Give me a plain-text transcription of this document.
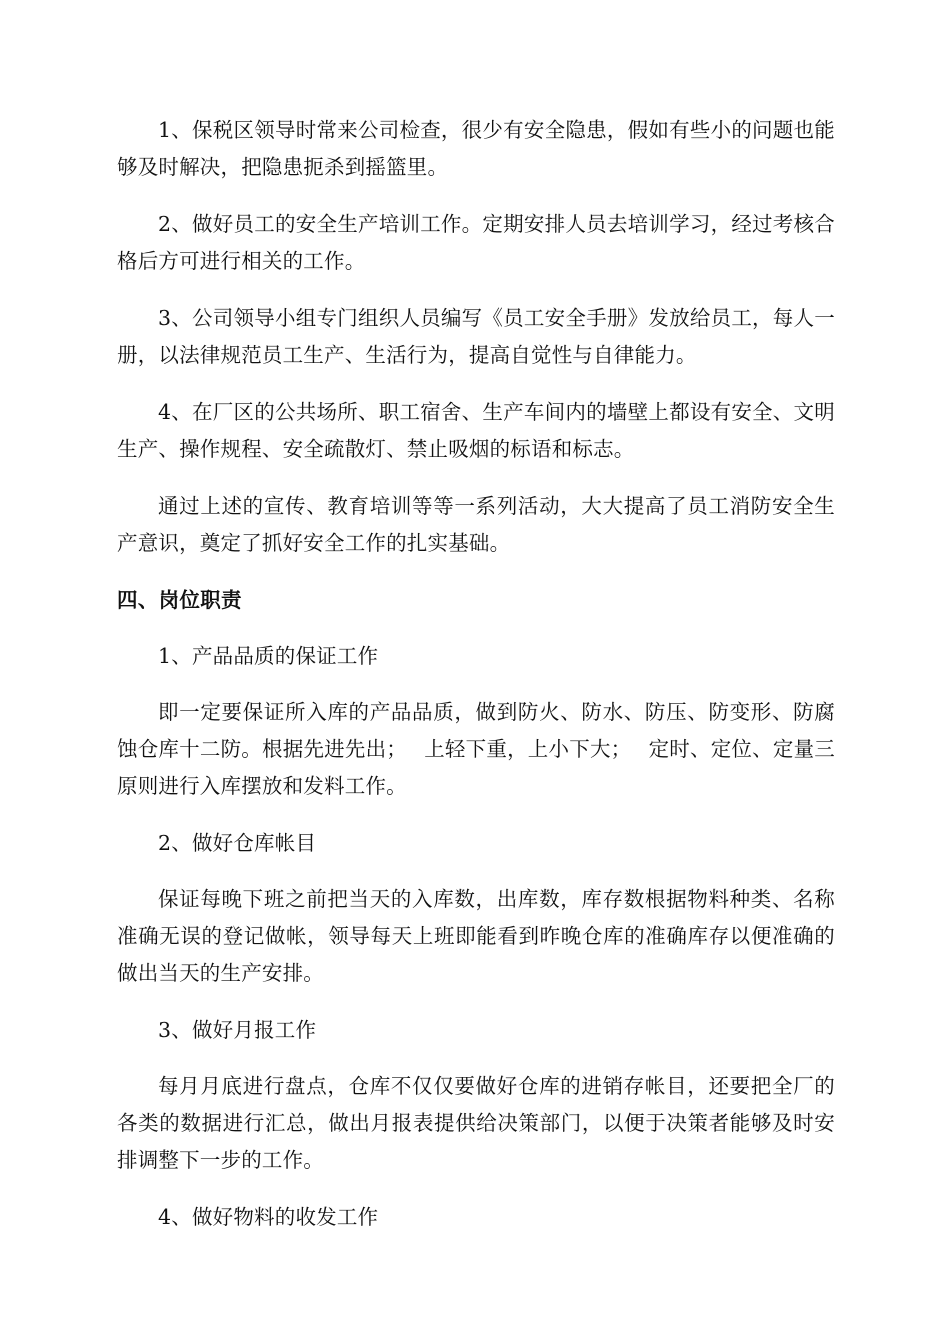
1、保税区领导时常来公司检查，很少有安全隐患，假如有些小的问题也能够及时解决，把隐患扼杀到摇篮里。

2、做好员工的安全生产培训工作。定期安排人员去培训学习，经过考核合格后方可进行相关的工作。

3、公司领导小组专门组织人员编写《员工安全手册》发放给员工，每人一册，以法律规范员工生产、生活行为，提高自觉性与自律能力。

4、在厂区的公共场所、职工宿舍、生产车间内的墙壁上都设有安全、文明生产、操作规程、安全疏散灯、禁止吸烟的标语和标志。

通过上述的宣传、教育培训等等一系列活动，大大提高了员工消防安全生产意识，奠定了抓好安全工作的扎实基础。

四、岗位职责

1、产品品质的保证工作

即一定要保证所入库的产品品质，做到防火、防水、防压、防变形、防腐蚀仓库十二防。根据先进先出；　 上轻下重，上小下大；　 定时、定位、定量三原则进行入库摆放和发料工作。

2、做好仓库帐目

保证每晚下班之前把当天的入库数，出库数，库存数根据物料种类、名称准确无误的登记做帐，领导每天上班即能看到昨晚仓库的准确库存以便准确的做出当天的生产安排。

3、做好月报工作

每月月底进行盘点，仓库不仅仅要做好仓库的进销存帐目，还要把全厂的各类的数据进行汇总，做出月报表提供给决策部门，以便于决策者能够及时安排调整下一步的工作。

4、做好物料的收发工作
